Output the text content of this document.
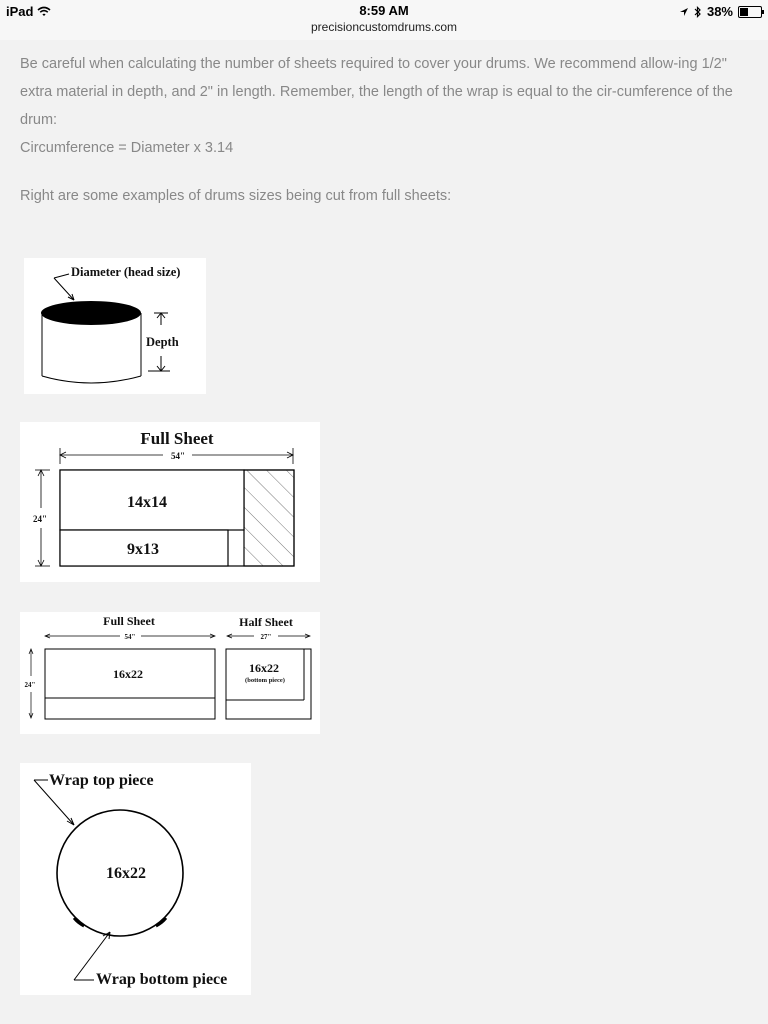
iPad	8:59 AM
precisioncustomdrums.com
38%

Be careful when calculating the number of sheets required to cover your drums. We recommend allow-ing 1/2" extra material in depth, and 2" in length. Remember, the length of the wrap is equal to the cir-cumference of the drum:

Circumference = Diameter x 3.14

Right are some examples of drums sizes being cut from full sheets:

Diameter (head size)
Depth
Full Sheet
54"
24"
14x14
9x13
Full Sheet	Half Sheet
54"	27"
24"
16x22	16x22
(bottom piece)
Wrap top piece
16x22
Wrap bottom piece
